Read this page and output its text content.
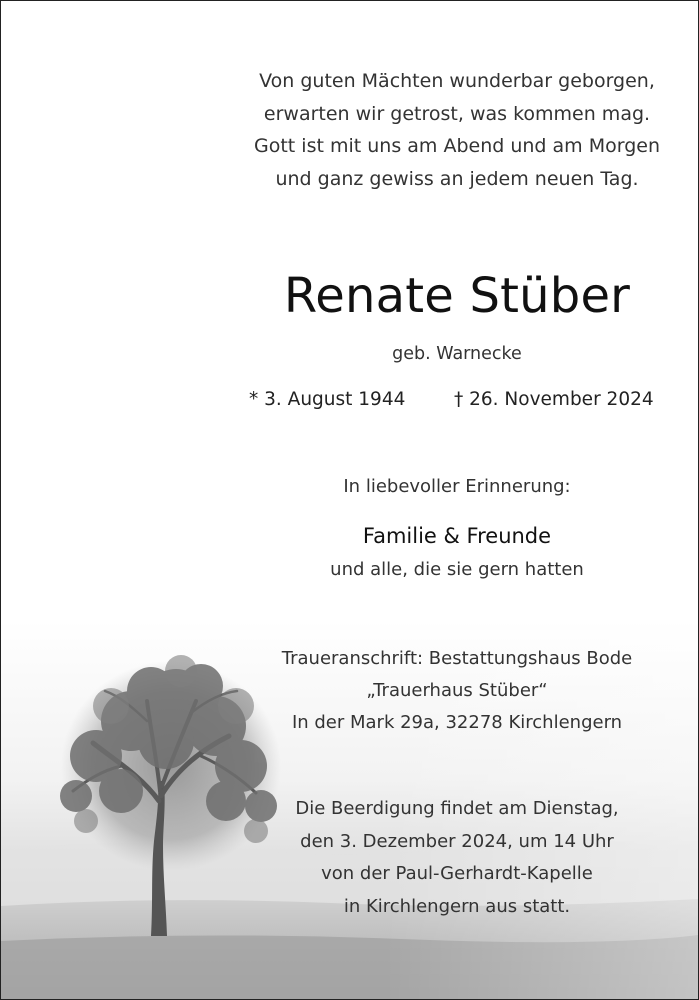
Von guten Mächten wunderbar geborgen,
erwarten wir getrost, was kommen mag.
Gott ist mit uns am Abend und am Morgen
und ganz gewiss an jedem neuen Tag.
Renate Stüber
geb. Warnecke
* 3. August 1944	† 26. November 2024
In liebevoller Erinnerung:
Familie & Freunde
und alle, die sie gern hatten
Traueranschrift: Bestattungshaus Bode
„Trauerhaus Stüber“
In der Mark 29a, 32278 Kirchlengern
Die Beerdigung findet am Dienstag,
den 3. Dezember 2024, um 14 Uhr
von der Paul-Gerhardt-Kapelle
in Kirchlengern aus statt.
